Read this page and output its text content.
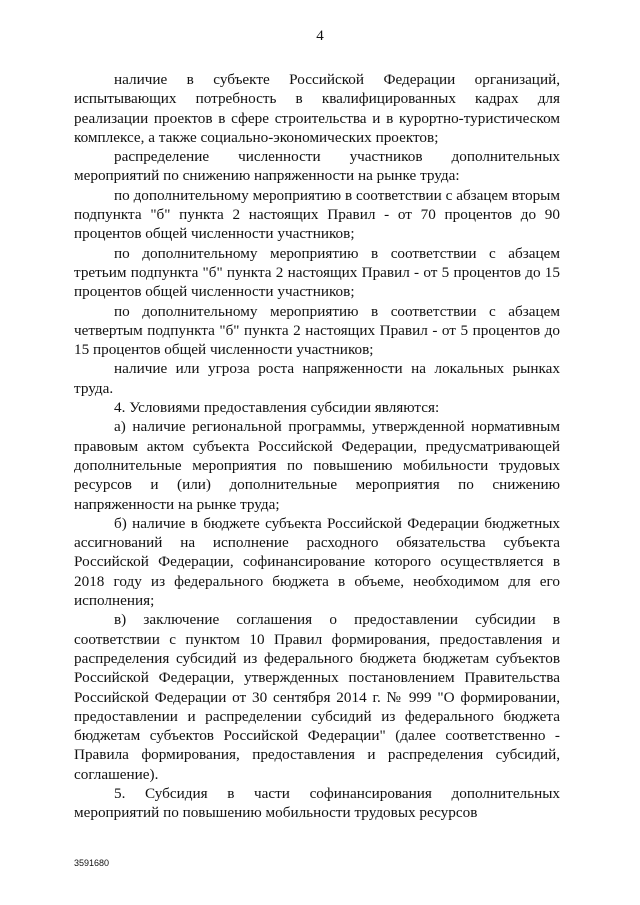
4

наличие в субъекте Российской Федерации организаций, испытывающих потребность в квалифицированных кадрах для реализации проектов в сфере строительства и в курортно-туристическом комплексе, а также социально-экономических проектов;

распределение численности участников дополнительных мероприятий по снижению напряженности на рынке труда:

по дополнительному мероприятию в соответствии с абзацем вторым подпункта "б" пункта 2 настоящих Правил - от 70 процентов до 90 процентов общей численности участников;

по дополнительному мероприятию в соответствии с абзацем третьим подпункта "б" пункта 2 настоящих Правил - от 5 процентов до 15 процентов общей численности участников;

по дополнительному мероприятию в соответствии с абзацем четвертым подпункта "б" пункта 2 настоящих Правил - от 5 процентов до 15 процентов общей численности участников;

наличие или угроза роста напряженности на локальных рынках труда.

4. Условиями предоставления субсидии являются:

а) наличие региональной программы, утвержденной нормативным правовым актом субъекта Российской Федерации, предусматривающей дополнительные мероприятия по повышению мобильности трудовых ресурсов и (или) дополнительные мероприятия по снижению напряженности на рынке труда;

б) наличие в бюджете субъекта Российской Федерации бюджетных ассигнований на исполнение расходного обязательства субъекта Российской Федерации, софинансирование которого осуществляется в 2018 году из федерального бюджета в объеме, необходимом для его исполнения;

в) заключение соглашения о предоставлении субсидии в соответствии с пунктом 10 Правил формирования, предоставления и распределения субсидий из федерального бюджета бюджетам субъектов Российской Федерации, утвержденных постановлением Правительства Российской Федерации от 30 сентября 2014 г. № 999 "О формировании, предоставлении и распределении субсидий из федерального бюджета бюджетам субъектов Российской Федерации" (далее соответственно - Правила формирования, предоставления и распределения субсидий, соглашение).

5. Субсидия в части софинансирования дополнительных мероприятий по повышению мобильности трудовых ресурсов

3591680
